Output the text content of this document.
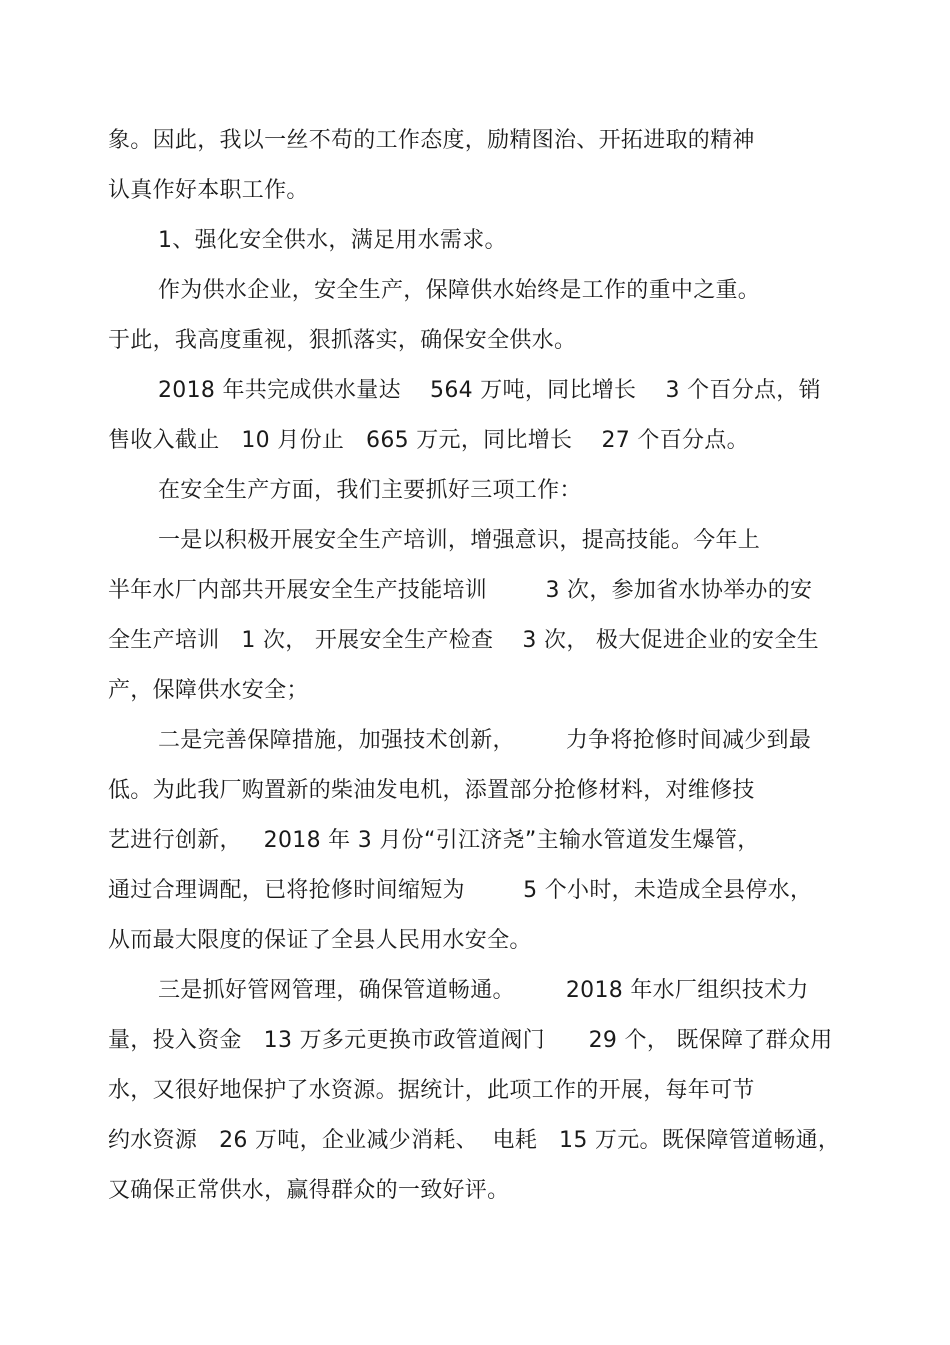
象。因此，我以一丝不苟的工作态度，励精图治、开拓进取的精神
认真作好本职工作。
1、强化安全供水，满足用水需求。
作为供水企业，安全生产，保障供水始终是工作的重中之重。
于此，我高度重视，狠抓落实，确保安全供水。
2018 年共完成供水量达    564 万吨，同比增长    3 个百分点，销
售收入截止   10 月份止   665 万元，同比增长    27 个百分点。
在安全生产方面，我们主要抓好三项工作：
一是以积极开展安全生产培训，增强意识，提高技能。今年上
半年水厂内部共开展安全生产技能培训        3 次，参加省水协举办的安
全生产培训   1 次， 开展安全生产检查    3 次， 极大促进企业的安全生
产，保障供水安全；
二是完善保障措施，加强技术创新，       力争将抢修时间减少到最
低。为此我厂购置新的柴油发电机，添置部分抢修材料，对维修技
艺进行创新，   2018 年 3 月份“引江济尧”主输水管道发生爆管，
通过合理调配，已将抢修时间缩短为        5 个小时，未造成全县停水，
从而最大限度的保证了全县人民用水安全。
三是抓好管网管理，确保管道畅通。       2018 年水厂组织技术力
量，投入资金   13 万多元更换市政管道阀门      29 个， 既保障了群众用
水，又很好地保护了水资源。据统计，此项工作的开展，每年可节
约水资源   26 万吨，企业减少消耗、  电耗   15 万元。既保障管道畅通，
又确保正常供水，赢得群众的一致好评。
